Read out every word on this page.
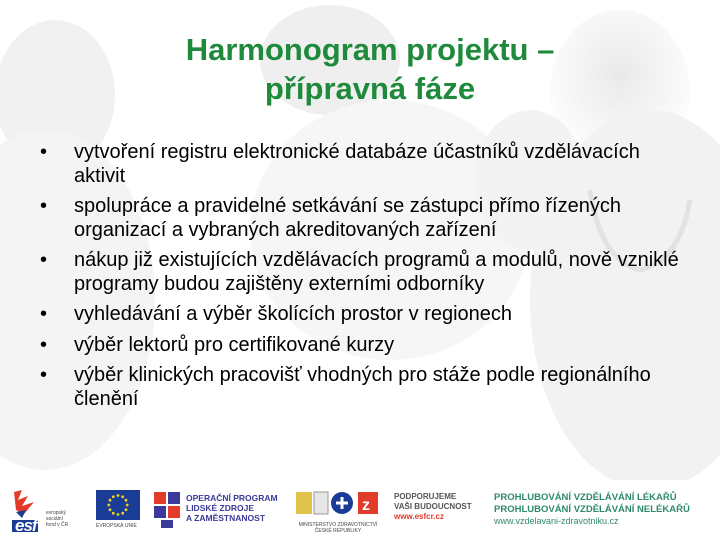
Harmonogram projektu –
přípravná fáze
• vytvoření registru elektronické databáze účastníků vzdělávacích aktivit
• spolupráce a pravidelné setkávání se zástupci přímo řízených organizací a vybraných akreditovaných zařízení
• nákup již existujících vzdělávacích programů a modulů, nově vzniklé programy budou zajištěny externími odborníky
• vyhledávání a výběr školících prostor v regionech
• výběr lektorů pro certifikované kurzy
• výběr klinických pracovišť vhodných pro stáže podle regionálního členění
esf
evropský
sociální
fond v ČR	EVROPSKÁ UNIE
OPERAČNÍ PROGRAM
LIDSKÉ ZDROJE
A ZAMĚSTNANOST
z
MINISTERSTVO ZDRAVOTNICTVÍ
ČESKÉ REPUBLIKY
PODPORUJEME
VAŠI BUDOUCNOST
www.esfcr.cz
PROHLUBOVÁNÍ VZDĚLÁVÁNÍ LÉKAŘŮ
PROHLUBOVÁNÍ VZDĚLÁVÁNÍ NELÉKAŘŮ
www.vzdelavani-zdravotniku.cz
